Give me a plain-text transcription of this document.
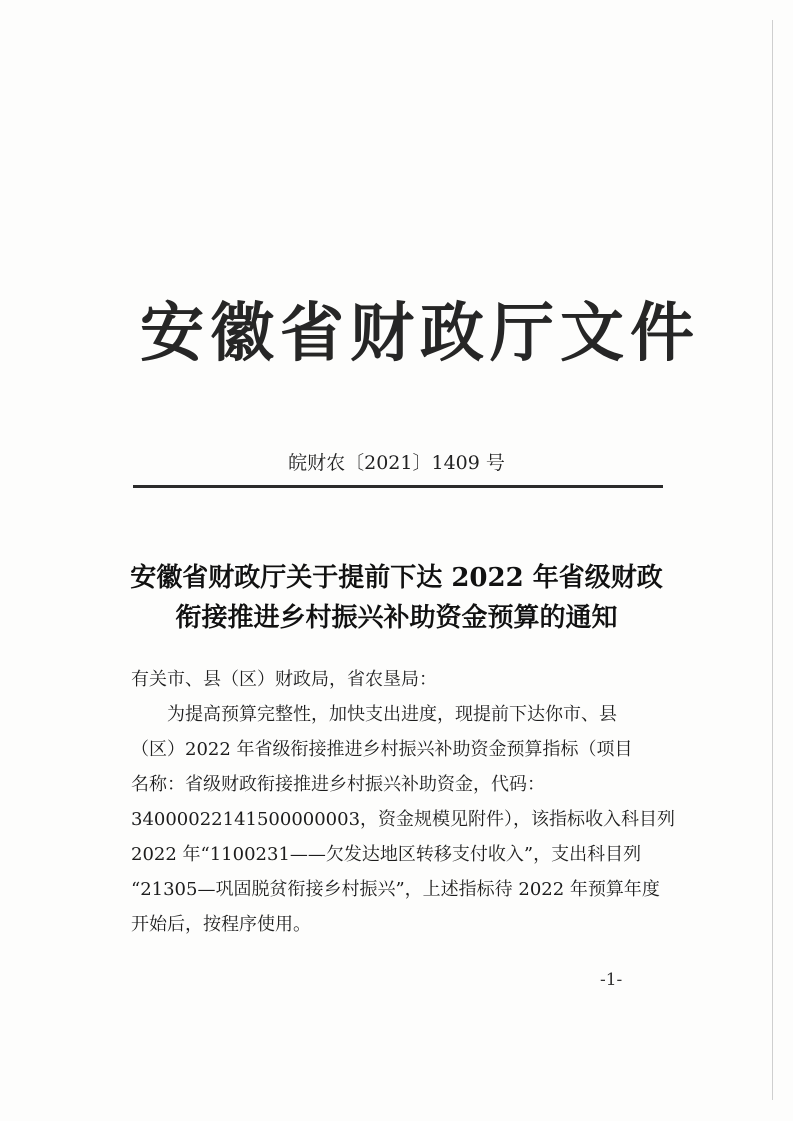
安徽省财政厅文件
皖财农〔2021〕1409 号
安徽省财政厅关于提前下达 2022 年省级财政
衔接推进乡村振兴补助资金预算的通知

有关市、县（区）财政局，省农垦局：

为提高预算完整性，加快支出进度，现提前下达你市、县
（区）2022 年省级衔接推进乡村振兴补助资金预算指标（项目
名称：省级财政衔接推进乡村振兴补助资金，代码：
34000022141500000003，资金规模见附件），该指标收入科目列
2022 年“1100231——欠发达地区转移支付收入”，支出科目列
“21305—巩固脱贫衔接乡村振兴”，上述指标待 2022 年预算年度
开始后，按程序使用。

-1-
